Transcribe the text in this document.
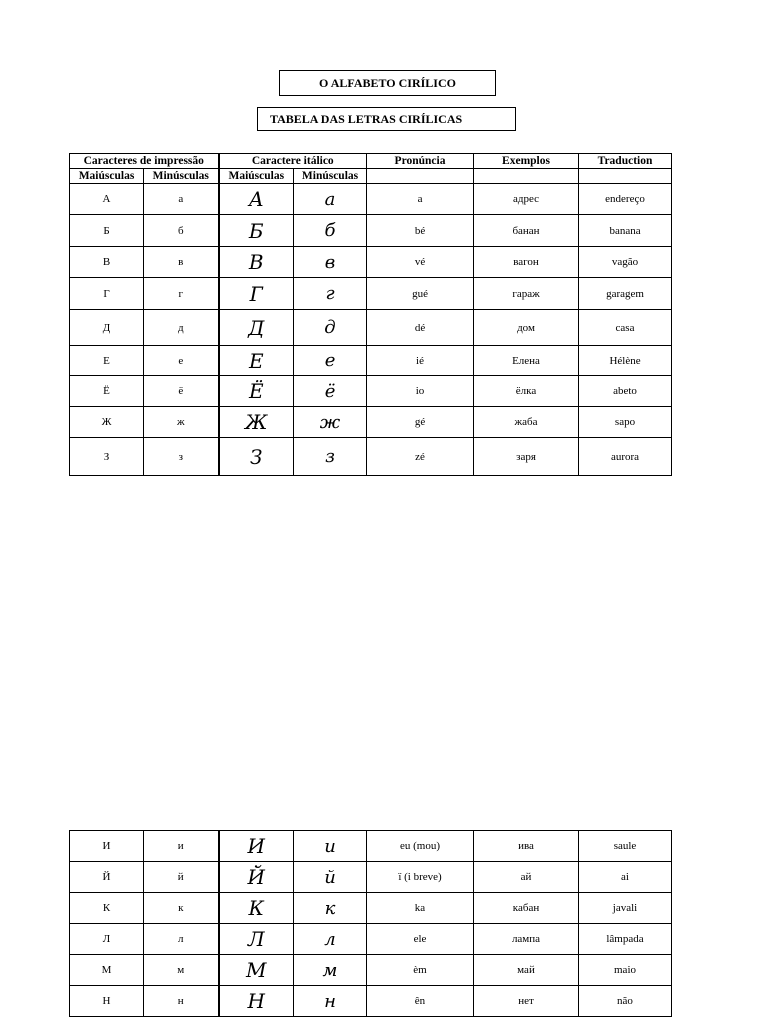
O ALFABETO CIRÍLICO
TABELA DAS LETRAS CIRÍLICAS
Caracteres de impressão		Caractere itálico		Pronúncia	Exemplos	Traduction
Maiúsculas	Minúsculas	Maiúsculas	Minúsculas			
А	а	А	а	a	адрес	endereço
Б	б	Б	б	bé	банан	banana
В	в	В	в	vé	вагон	vagão
Г	г	Г	г	gué	гараж	garagem
Д	д	Д	д	dé	дом	casa
Е	е	Е	е	ié	Елена	Hélène
Ё	ё	Ё	ё	io	ёлка	abeto
Ж	ж	Ж	ж	gé	жаба	sapo
З	з	З	з	zé	заря	aurora
И	и	И	и	eu (mou)	ива	saule
Й	й	Й	й	ï (i breve)	ай	ai
К	к	К	к	ka	кабан	javali
Л	л	Л	л	ele	лампа	lâmpada
М	м	М	м	èm	май	maio
Н	н	Н	н	ên	нет	não
